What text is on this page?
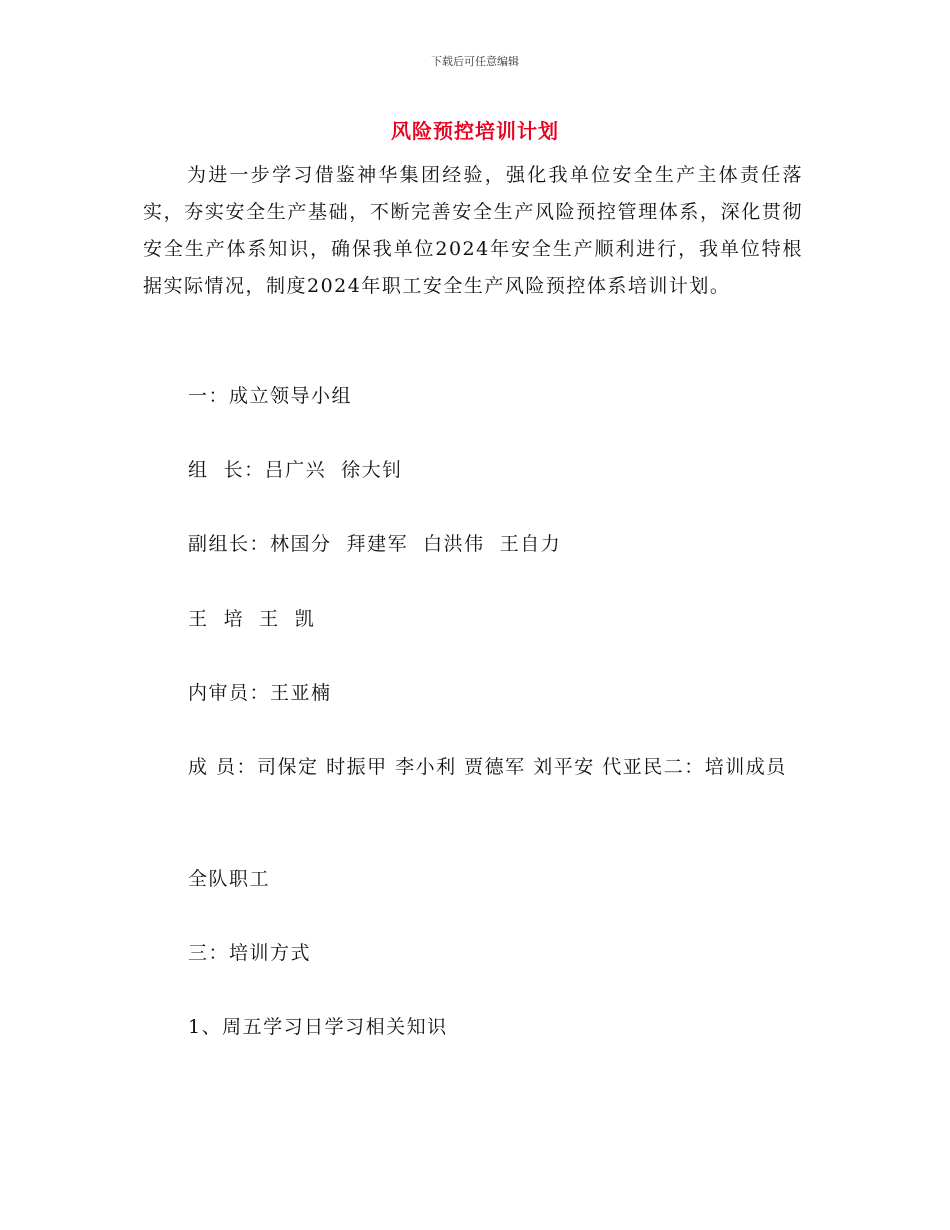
下载后可任意编辑
风险预控培训计划

为进一步学习借鉴神华集团经验，强化我单位安全生产主体责任落实，夯实安全生产基础，不断完善安全生产风险预控管理体系，深化贯彻安全生产体系知识，确保我单位2024年安全生产顺利进行，我单位特根据实际情况，制度2024年职工安全生产风险预控体系培训计划。

一：成立领导小组

组  长：吕广兴  徐大钊

副组长：林国分  拜建军  白洪伟  王自力

王  培  王  凯

内审员：王亚楠

成 员：司保定 时振甲 李小利 贾德军 刘平安 代亚民二：培训成员

全队职工

三：培训方式

1、周五学习日学习相关知识
